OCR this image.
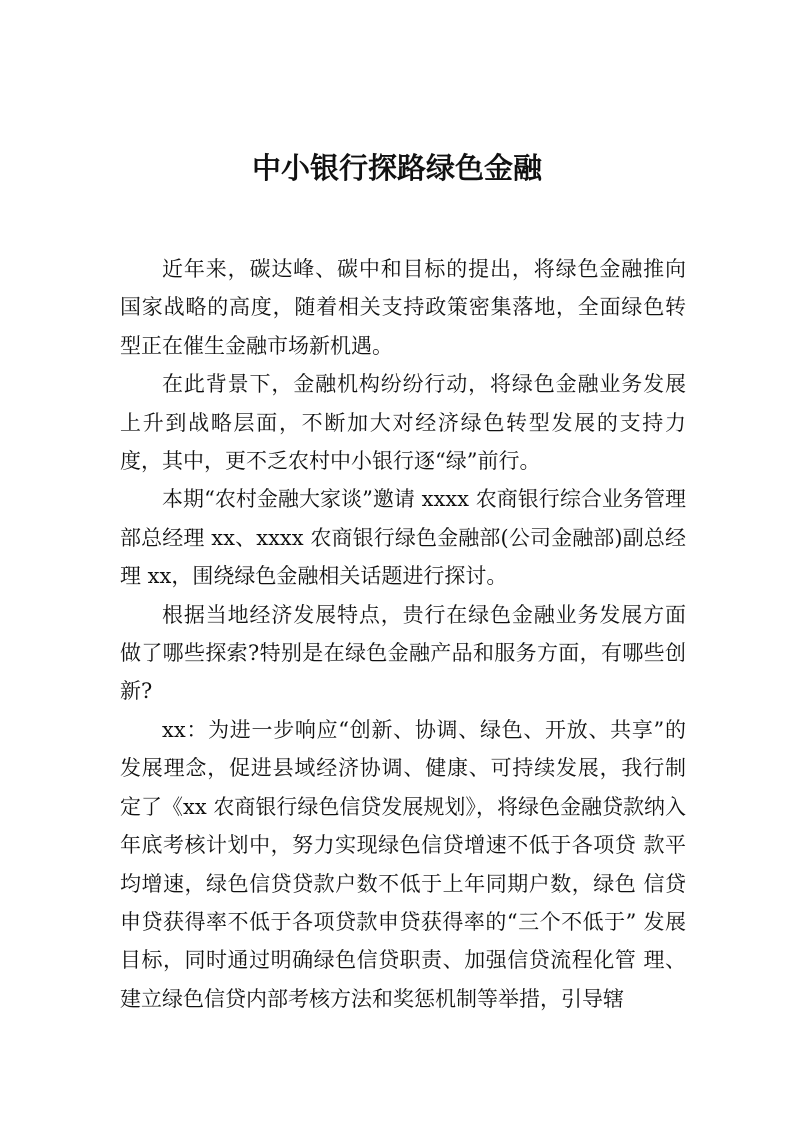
中小银行探路绿色金融

近年来，碳达峰、碳中和目标的提出，将绿色金融推向国家战略的高度，随着相关支持政策密集落地，全面绿色转型正在催生金融市场新机遇。

在此背景下，金融机构纷纷行动，将绿色金融业务发展上升到战略层面，不断加大对经济绿色转型发展的支持力度，其中，更不乏农村中小银行逐“绿”前行。

本期“农村金融大家谈”邀请 xxxx 农商银行综合业务管理部总经理 xx、xxxx 农商银行绿色金融部(公司金融部)副总经理 xx，围绕绿色金融相关话题进行探讨。

根据当地经济发展特点，贵行在绿色金融业务发展方面做了哪些探索?特别是在绿色金融产品和服务方面，有哪些创新?

xx：为进一步响应“创新、协调、绿色、开放、共享”的发展理念，促进县域经济协调、健康、可持续发展，我行制定了《xx 农商银行绿色信贷发展规划》，将绿色金融贷款纳入年底考核计划中，努力实现绿色信贷增速不低于各项贷 款平均增速，绿色信贷贷款户数不低于上年同期户数，绿色 信贷申贷获得率不低于各项贷款申贷获得率的“三个不低于” 发展目标，同时通过明确绿色信贷职责、加强信贷流程化管 理、建立绿色信贷内部考核方法和奖惩机制等举措，引导辖
